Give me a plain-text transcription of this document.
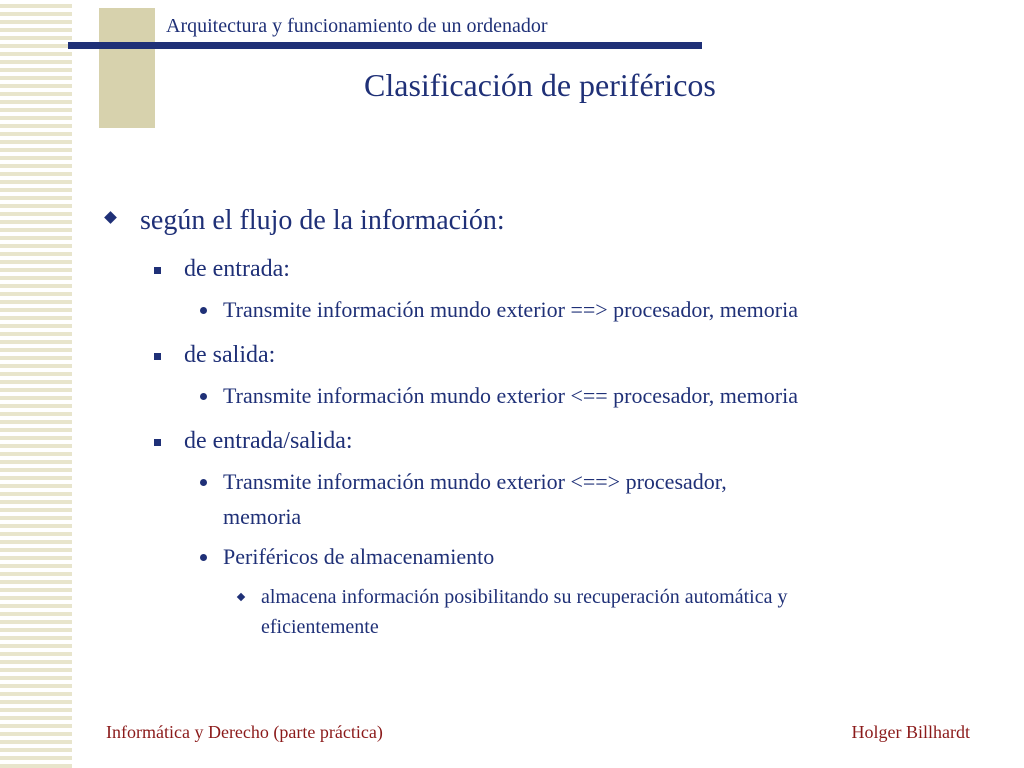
Arquitectura y funcionamiento de un ordenador
Clasificación de periféricos
según el flujo de la información:
de entrada:
Transmite información mundo exterior ==> procesador, memoria
de salida:
Transmite información mundo exterior <== procesador, memoria
de entrada/salida:
Transmite información mundo exterior <==> procesador,
memoria
Periféricos de almacenamiento
almacena información posibilitando su recuperación automática y
eficientemente
Informática y Derecho (parte práctica)	Holger Billhardt
